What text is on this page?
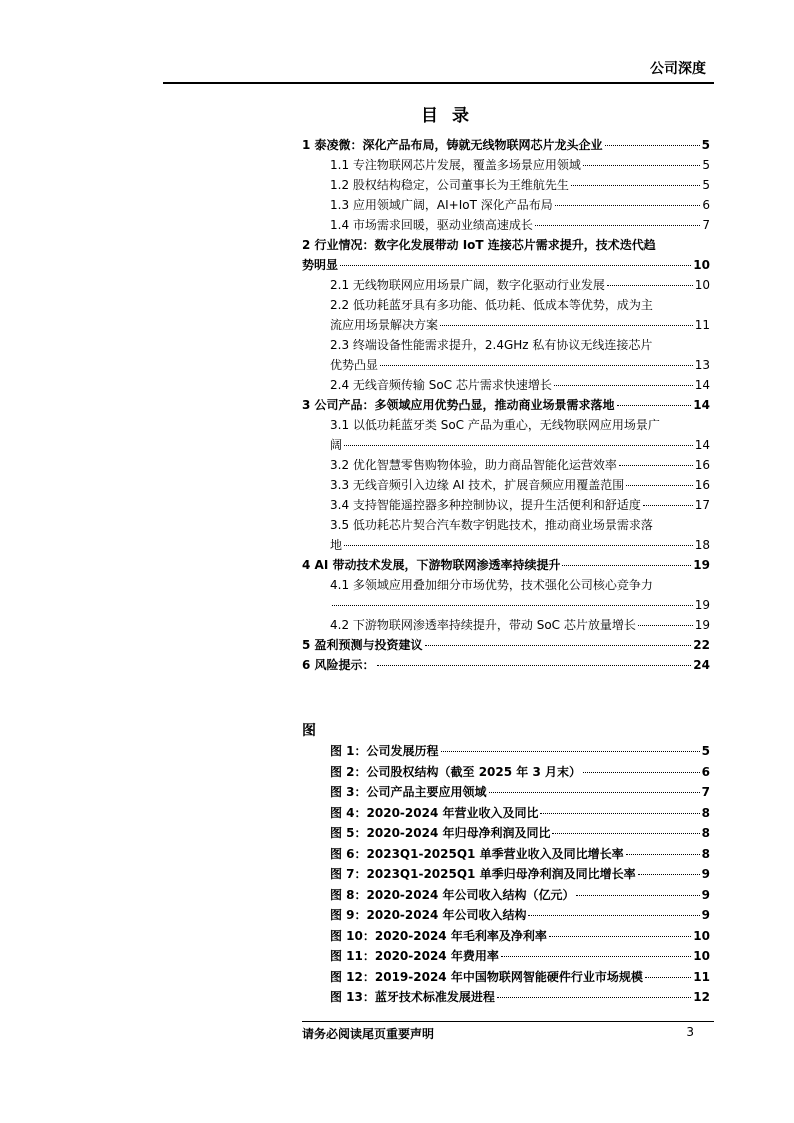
公司深度
目 录
1 泰凌微：深化产品布局，铸就无线物联网芯片龙头企业	5
1.1 专注物联网芯片发展，覆盖多场景应用领域	5
1.2 股权结构稳定，公司董事长为王维航先生	5
1.3 应用领域广阔，AI+IoT 深化产品布局	6
1.4 市场需求回暖，驱动业绩高速成长	7
2 行业情况：数字化发展带动 IoT 连接芯片需求提升，技术迭代趋
势明显	10
2.1 无线物联网应用场景广阔，数字化驱动行业发展	10
2.2 低功耗蓝牙具有多功能、低功耗、低成本等优势，成为主
流应用场景解决方案	11
2.3 终端设备性能需求提升，2.4GHz 私有协议无线连接芯片
优势凸显	13
2.4 无线音频传输 SoC 芯片需求快速增长	14
3 公司产品：多领域应用优势凸显，推动商业场景需求落地	14
3.1 以低功耗蓝牙类 SoC 产品为重心，无线物联网应用场景广
阔	14
3.2 优化智慧零售购物体验，助力商品智能化运营效率	16
3.3 无线音频引入边缘 AI 技术，扩展音频应用覆盖范围	16
3.4 支持智能遥控器多种控制协议，提升生活便利和舒适度	17
3.5 低功耗芯片契合汽车数字钥匙技术，推动商业场景需求落
地	18
4 AI 带动技术发展，下游物联网渗透率持续提升	19
4.1 多领域应用叠加细分市场优势，技术强化公司核心竞争力
19
4.2 下游物联网渗透率持续提升，带动 SoC 芯片放量增长	19
5 盈利预测与投资建议	22
6 风险提示：	24
图
图 1：公司发展历程	5
图 2：公司股权结构（截至 2025 年 3 月末）	6
图 3：公司产品主要应用领域	7
图 4：2020-2024 年营业收入及同比	8
图 5：2020-2024 年归母净利润及同比	8
图 6：2023Q1-2025Q1 单季营业收入及同比增长率	8
图 7：2023Q1-2025Q1 单季归母净利润及同比增长率	9
图 8：2020-2024 年公司收入结构（亿元）	9
图 9：2020-2024 年公司收入结构	9
图 10：2020-2024 年毛利率及净利率	10
图 11：2020-2024 年费用率	10
图 12：2019-2024 年中国物联网智能硬件行业市场规模	11
图 13：蓝牙技术标准发展进程	12
请务必阅读尾页重要声明	3
